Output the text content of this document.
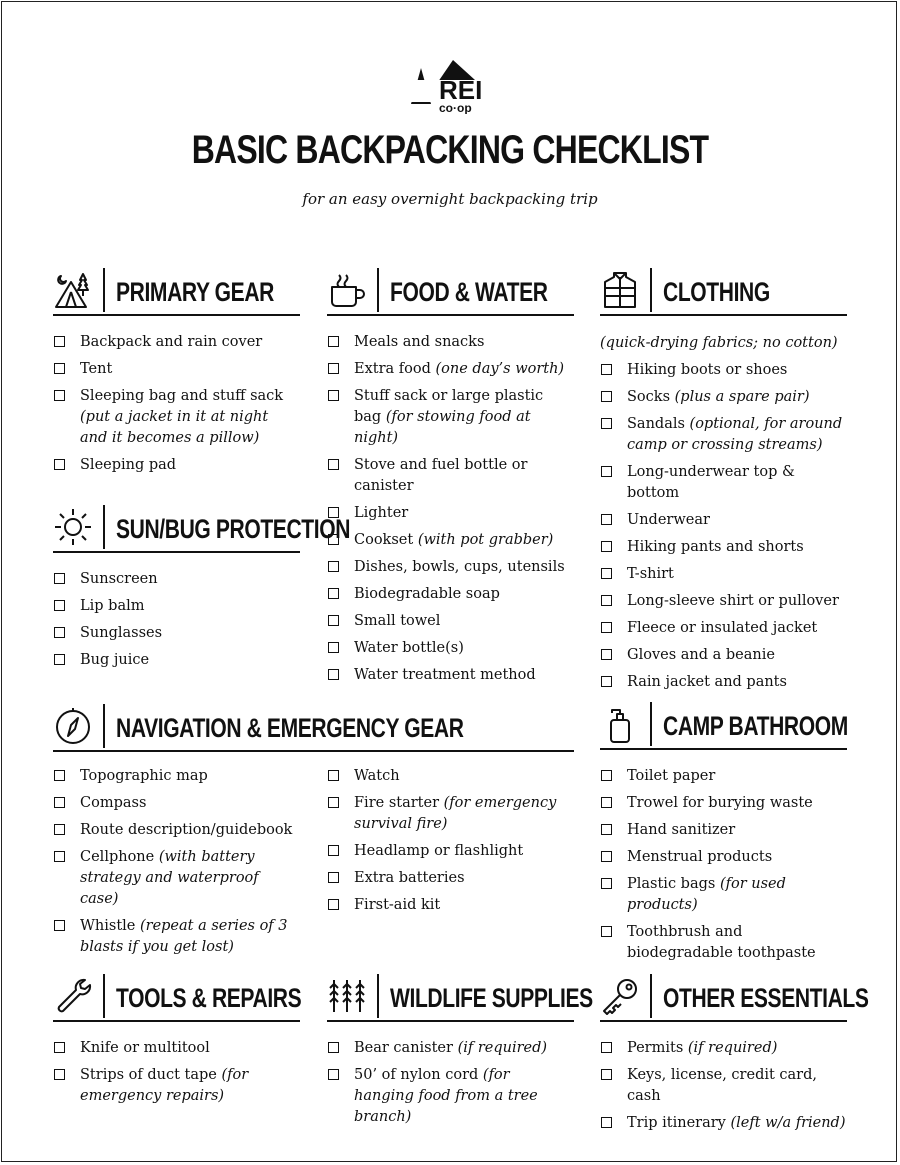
REI
co·op
BASIC BACKPACKING CHECKLIST

for an easy overnight backpacking trip

PRIMARY GEAR
Backpack and rain cover
Tent
Sleeping bag and stuff sack (put a jacket in it at night and it becomes a pillow)
Sleeping pad
SUN/BUG PROTECTION
Sunscreen
Lip balm
Sunglasses
Bug juice
FOOD & WATER
Meals and snacks
Extra food (one day’s worth)
Stuff sack or large plastic bag (for stowing food at night)
Stove and fuel bottle or canister
Lighter
Cookset (with pot grabber)
Dishes, bowls, cups, utensils
Biodegradable soap
Small towel
Water bottle(s)
Water treatment method
CLOTHING

(quick-drying fabrics; no cotton)

Hiking boots or shoes
Socks (plus a spare pair)
Sandals (optional, for around camp or crossing streams)
Long-underwear top & bottom
Underwear
Hiking pants and shorts
T-shirt
Long-sleeve shirt or pullover
Fleece or insulated jacket
Gloves and a beanie
Rain jacket and pants
NAVIGATION & EMERGENCY GEAR
Topographic map
Compass
Route description/guidebook
Cellphone (with battery strategy and waterproof case)
Whistle (repeat a series of 3 blasts if you get lost)
Watch
Fire starter (for emergency survival fire)
Headlamp or flashlight
Extra batteries
First-aid kit
CAMP BATHROOM
Toilet paper
Trowel for burying waste
Hand sanitizer
Menstrual products
Plastic bags (for used products)
Toothbrush and biodegradable toothpaste
TOOLS & REPAIRS
Knife or multitool
Strips of duct tape (for emergency repairs)
WILDLIFE SUPPLIES
Bear canister (if required)
50’ of nylon cord (for hanging food from a tree branch)
OTHER ESSENTIALS
Permits (if required)
Keys, license, credit card, cash
Trip itinerary (left w/a friend)
